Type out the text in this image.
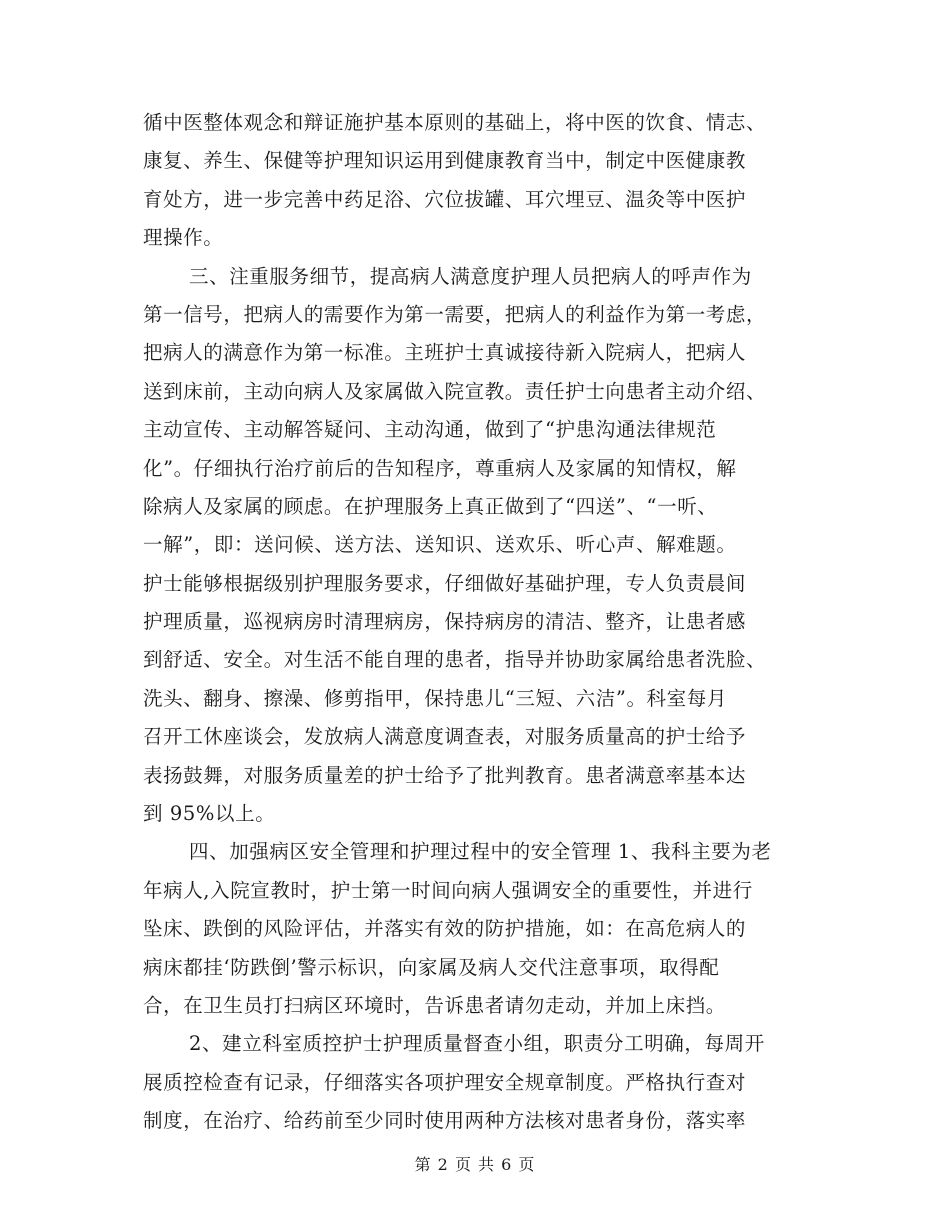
循中医整体观念和辩证施护基本原则的基础上，将中医的饮食、情志、
康复、养生、保健等护理知识运用到健康教育当中，制定中医健康教
育处方，进一步完善中药足浴、穴位拔罐、耳穴埋豆、温灸等中医护
理操作。
三、注重服务细节，提高病人满意度护理人员把病人的呼声作为
第一信号，把病人的需要作为第一需要，把病人的利益作为第一考虑，
把病人的满意作为第一标准。主班护士真诚接待新入院病人，把病人
送到床前，主动向病人及家属做入院宣教。责任护士向患者主动介绍、
主动宣传、主动解答疑问、主动沟通，做到了“护患沟通法律规范
化”。仔细执行治疗前后的告知程序，尊重病人及家属的知情权，解
除病人及家属的顾虑。在护理服务上真正做到了“四送”、“一听、
一解”，即：送问候、送方法、送知识、送欢乐、听心声、解难题。
护士能够根据级别护理服务要求，仔细做好基础护理，专人负责晨间
护理质量，巡视病房时清理病房，保持病房的清洁、整齐，让患者感
到舒适、安全。对生活不能自理的患者，指导并协助家属给患者洗脸、
洗头、翻身、擦澡、修剪指甲，保持患儿“三短、六洁”。科室每月
召开工休座谈会，发放病人满意度调查表，对服务质量高的护士给予
表扬鼓舞，对服务质量差的护士给予了批判教育。患者满意率基本达
到 95%以上。
四、加强病区安全管理和护理过程中的安全管理 1、我科主要为老
年病人,入院宣教时，护士第一时间向病人强调安全的重要性，并进行
坠床、跌倒的风险评估，并落实有效的防护措施，如：在高危病人的
病床都挂‘防跌倒’警示标识，向家属及病人交代注意事项，取得配
合，在卫生员打扫病区环境时，告诉患者请勿走动，并加上床挡。
2、建立科室质控护士护理质量督查小组，职责分工明确，每周开
展质控检查有记录，仔细落实各项护理安全规章制度。严格执行查对
制度，在治疗、给药前至少同时使用两种方法核对患者身份，落实率
第 2 页 共 6 页
